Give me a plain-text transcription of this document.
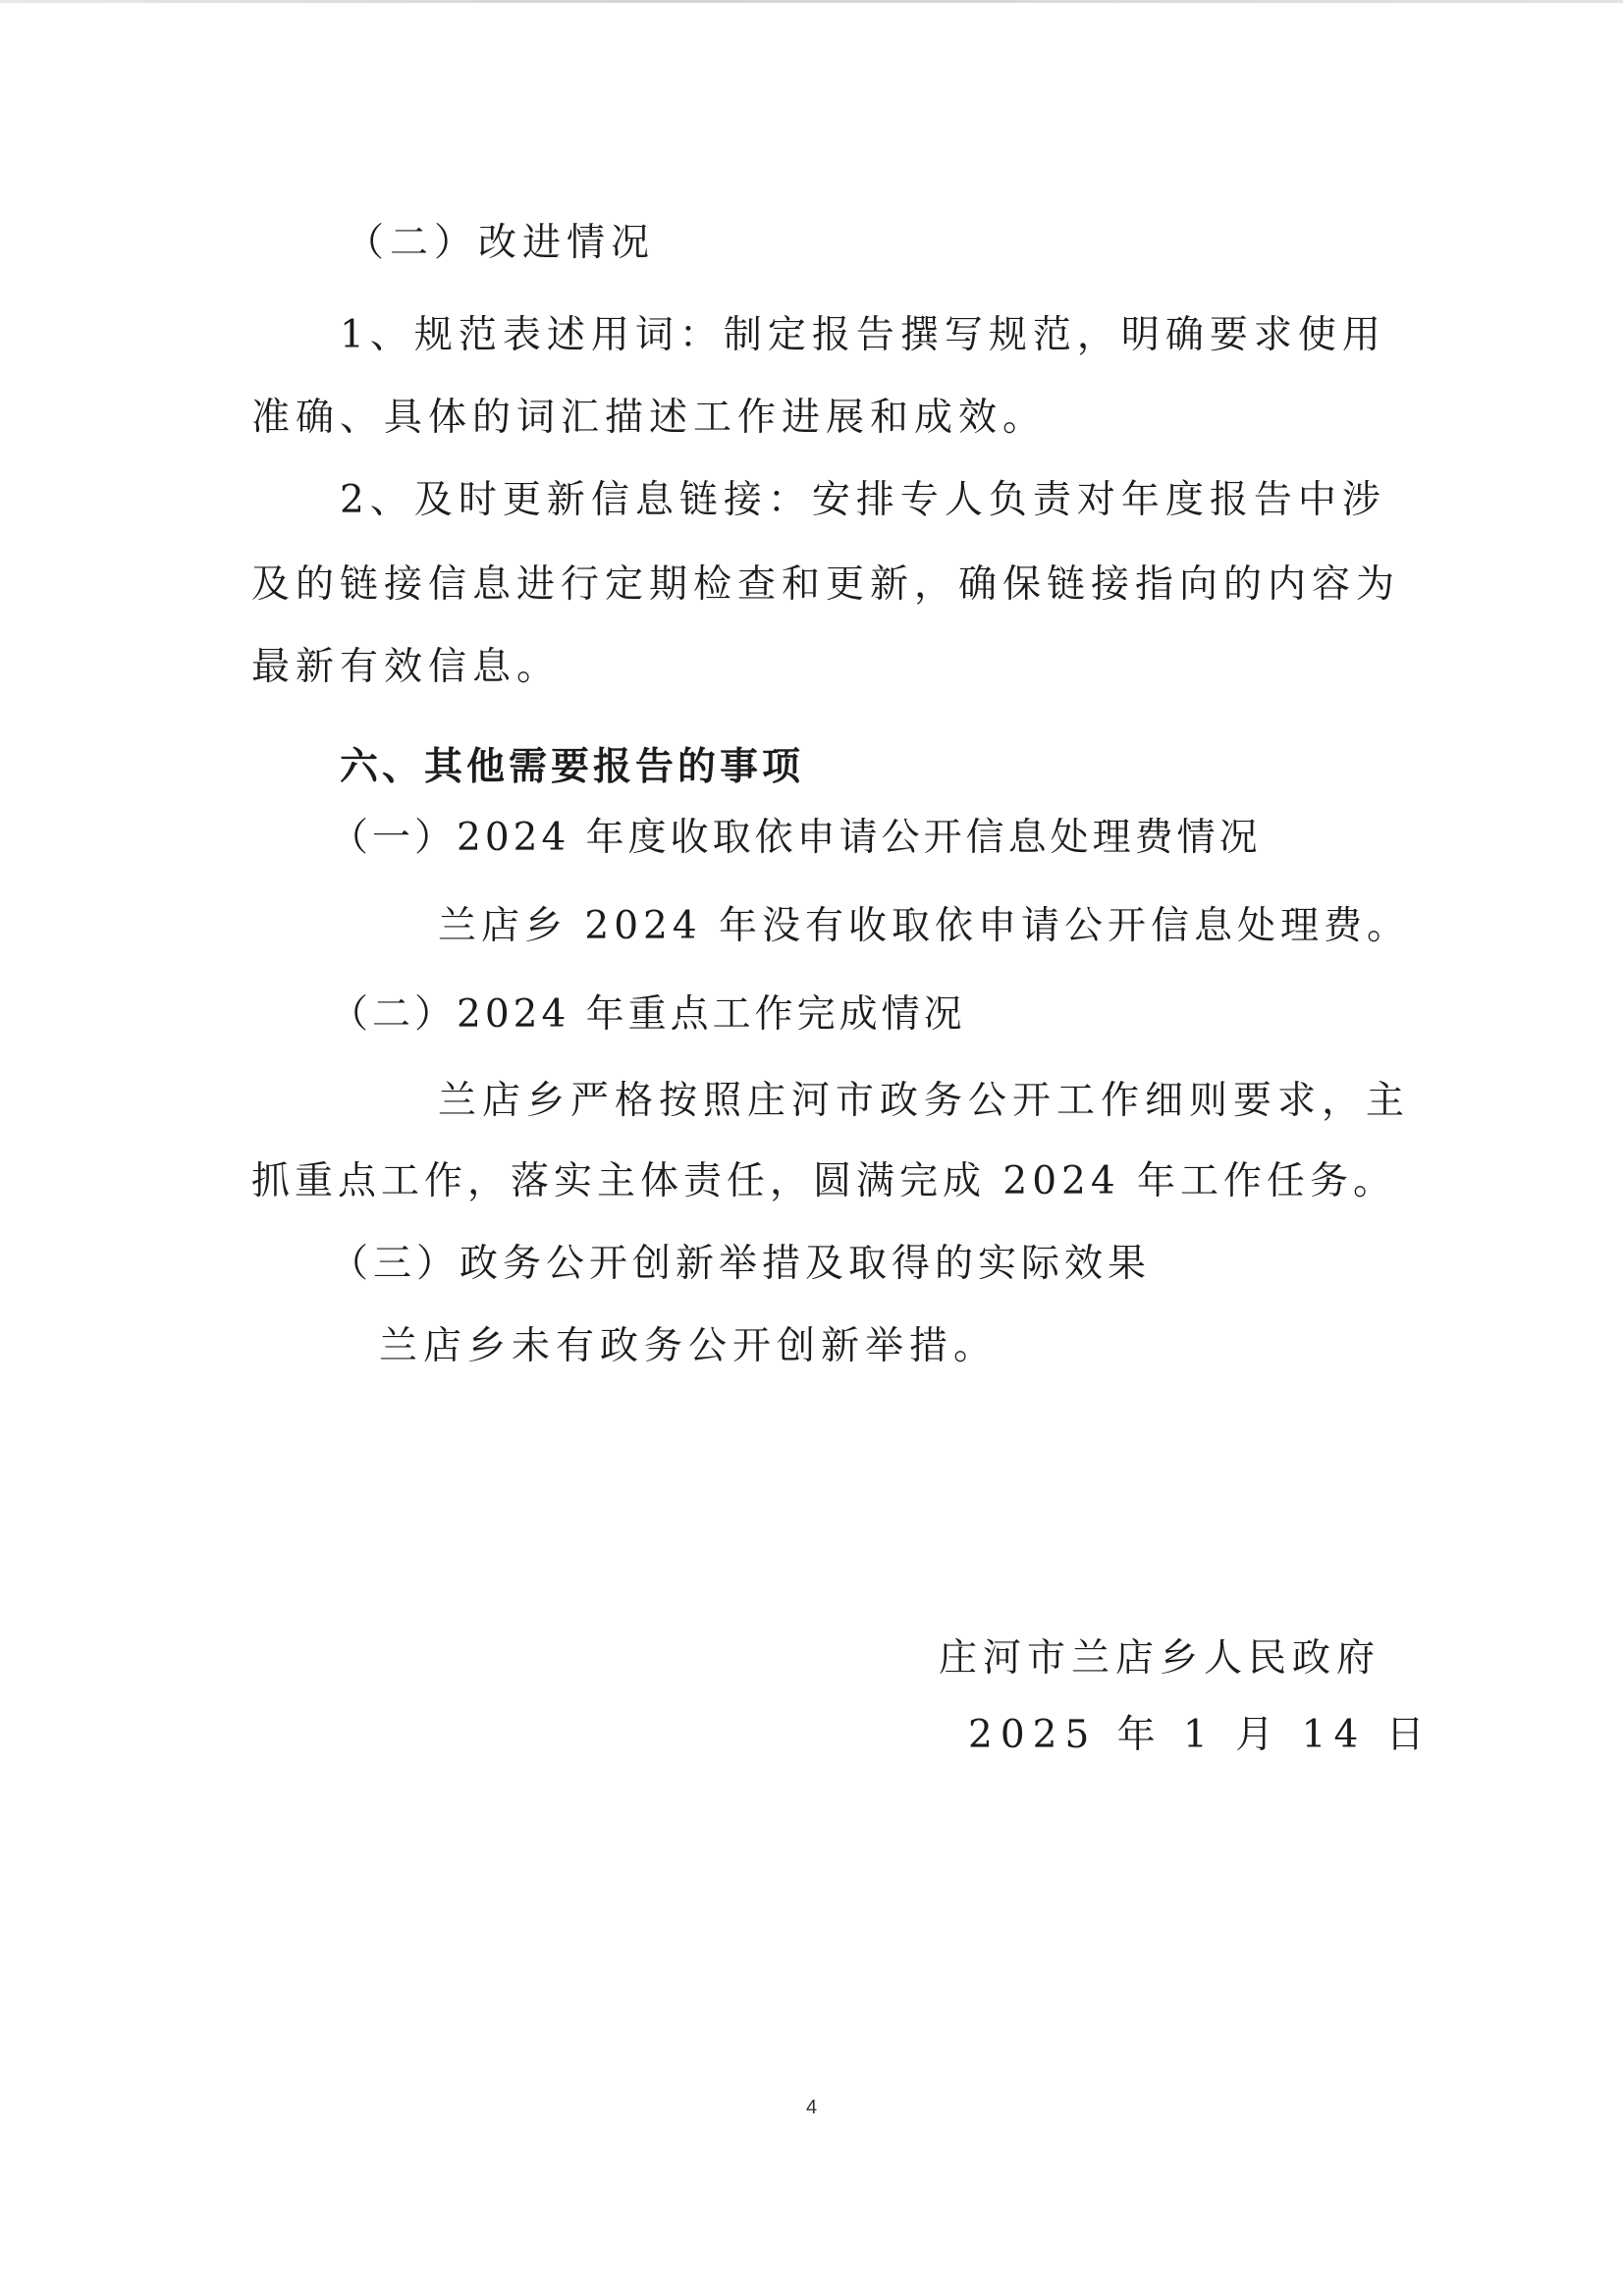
（二）改进情况
1、规范表述用词：制定报告撰写规范，明确要求使用
准确、具体的词汇描述工作进展和成效。
2、及时更新信息链接：安排专人负责对年度报告中涉
及的链接信息进行定期检查和更新，确保链接指向的内容为
最新有效信息。
六、其他需要报告的事项
（一）2024 年度收取依申请公开信息处理费情况
兰店乡 2024 年没有收取依申请公开信息处理费。
（二）2024 年重点工作完成情况
兰店乡严格按照庄河市政务公开工作细则要求，主
抓重点工作，落实主体责任，圆满完成 2024 年工作任务。
（三）政务公开创新举措及取得的实际效果
兰店乡未有政务公开创新举措。
庄河市兰店乡人民政府
2025 年 1 月 14 日
4
